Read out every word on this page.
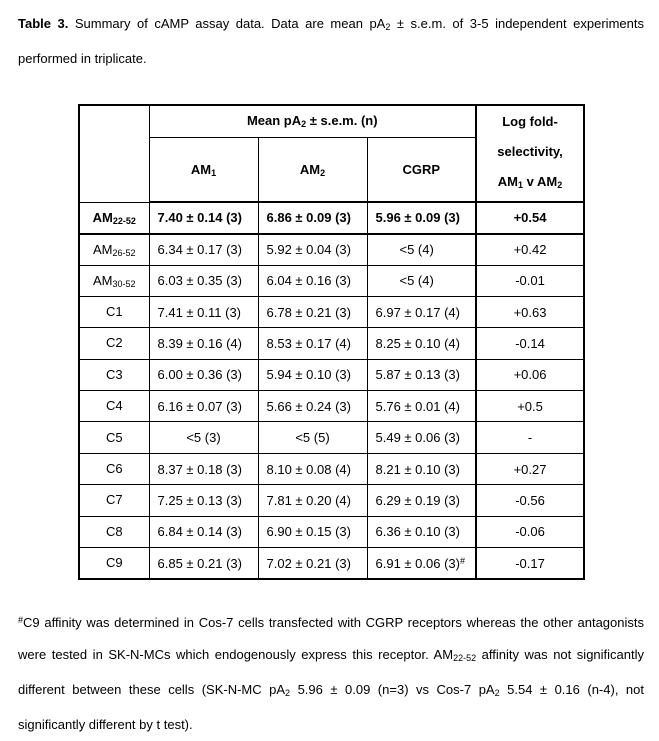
Table 3. Summary of cAMP assay data. Data are mean $pA_2 \pm s.e.m$. of 3-5 independent experiments performed in triplicate.
	Mean $pA_2 \pm s.e.m$. (n)			Log fold-
selectivity,
$AM_1$ v $AM_2$

	$AM_1$	$AM_2$	CGRP	
$AM_{22-52}$	7.40 ± 0.14 (3)	6.86 ± 0.09 (3)	5.96 ± 0.09 (3)	+0.54
$AM_{26-52}$	6.34 ± 0.17 (3)	5.92 ± 0.04 (3)	<5 (4)	+0.42
$AM_{30-52}$	6.03 ± 0.35 (3)	6.04 ± 0.16 (3)	<5 (4)	-0.01
C1	7.41 ± 0.11 (3)	6.78 ± 0.21 (3)	6.97 ± 0.17 (4)	+0.63
C2	8.39 ± 0.16 (4)	8.53 ± 0.17 (4)	8.25 ± 0.10 (4)	-0.14
C3	6.00 ± 0.36 (3)	5.94 ± 0.10 (3)	5.87 ± 0.13 (3)	+0.06
C4	6.16 ± 0.07 (3)	5.66 ± 0.24 (3)	5.76 ± 0.01 (4)	+0.5
C5	<5 (3)	<5 (5)	5.49 ± 0.06 (3)	-
C6	8.37 ± 0.18 (3)	8.10 ± 0.08 (4)	8.21 ± 0.10 (3)	+0.27
C7	7.25 ± 0.13 (3)	7.81 ± 0.20 (4)	6.29 ± 0.19 (3)	-0.56
C8	6.84 ± 0.14 (3)	6.90 ± 0.15 (3)	6.36 ± 0.10 (3)	-0.06
C9	6.85 ± 0.21 (3)	7.02 ± 0.21 (3)	6.91 ± 0.06 (3)#	-0.17
#C9 affinity was determined in Cos-7 cells transfected with CGRP receptors whereas the other antagonists were tested in SK-N-MCs which endogenously express this receptor. $AM_{22-52}$ affinity was not significantly different between these cells (SK-N-MC $pA_2$ 5.96 ± 0.09 (n=3) vs Cos-7 $pA_2$ 5.54 ± 0.16 (n-4), not significantly different by t test).
